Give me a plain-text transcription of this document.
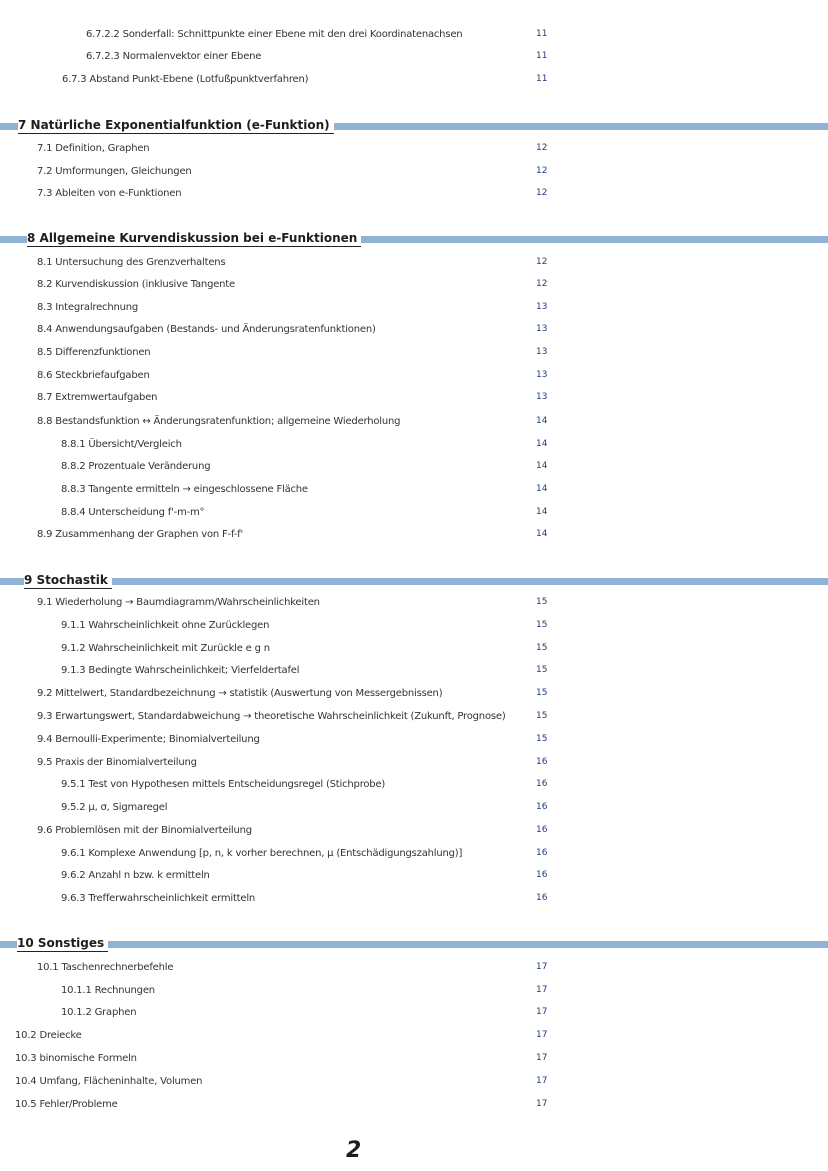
6.7.2.2 Sonderfall: Schnittpunkte einer Ebene mit den drei Koordinatenachsen	11
6.7.2.3 Normalenvektor einer Ebene	11
6.7.3 Abstand Punkt-Ebene (Lotfußpunktverfahren)	11
7 Natürliche Exponentialfunktion (e-Funktion)
7.1 Definition, Graphen	12
7.2 Umformungen, Gleichungen	12
7.3 Ableiten von e-Funktionen	12
8 Allgemeine Kurvendiskussion bei e-Funktionen
8.1 Untersuchung des Grenzverhaltens	12
8.2 Kurvendiskussion (inklusive Tangente	12
8.3 Integralrechnung	13
8.4 Anwendungsaufgaben (Bestands- und Änderungsratenfunktionen)	13
8.5 Differenzfunktionen	13
8.6 Steckbriefaufgaben	13
8.7 Extremwertaufgaben	13
8.8 Bestandsfunktion ↔ Änderungsratenfunktion; allgemeine Wiederholung	14
8.8.1 Übersicht/Vergleich	14
8.8.2 Prozentuale Veränderung	14
8.8.3 Tangente ermitteln → eingeschlossene Fläche	14
8.8.4 Unterscheidung f'-m-m°	14
8.9 Zusammenhang der Graphen von F-f-f'	14
9 Stochastik
9.1 Wiederholung → Baumdiagramm/Wahrscheinlichkeiten	15
9.1.1 Wahrscheinlichkeit ohne Zurücklegen	15
9.1.2 Wahrscheinlichkeit mit Zurückle e g n	15
9.1.3 Bedingte Wahrscheinlichkeit; Vierfeldertafel	15
9.2 Mittelwert, Standardbezeichnung → statistik (Auswertung von Messergebnissen)	15
9.3 Erwartungswert, Standardabweichung → theoretische Wahrscheinlichkeit (Zukunft, Prognose)	15
9.4 Bernoulli-Experimente; Binomialverteilung	15
9.5 Praxis der Binomialverteilung	16
9.5.1 Test von Hypothesen mittels Entscheidungsregel (Stichprobe)	16
9.5.2 μ, σ, Sigmaregel	16
9.6 Problemlösen mit der Binomialverteilung	16
9.6.1 Komplexe Anwendung [p, n, k vorher berechnen, μ (Entschädigungszahlung)]	16
9.6.2 Anzahl n bzw. k ermitteln	16
9.6.3 Trefferwahrscheinlichkeit ermitteln	16
10 Sonstiges
10.1 Taschenrechnerbefehle	17
10.1.1 Rechnungen	17
10.1.2 Graphen	17
10.2 Dreiecke	17
10.3 binomische Formeln	17
10.4 Umfang, Flächeninhalte, Volumen	17
10.5 Fehler/Probleme	17
2
